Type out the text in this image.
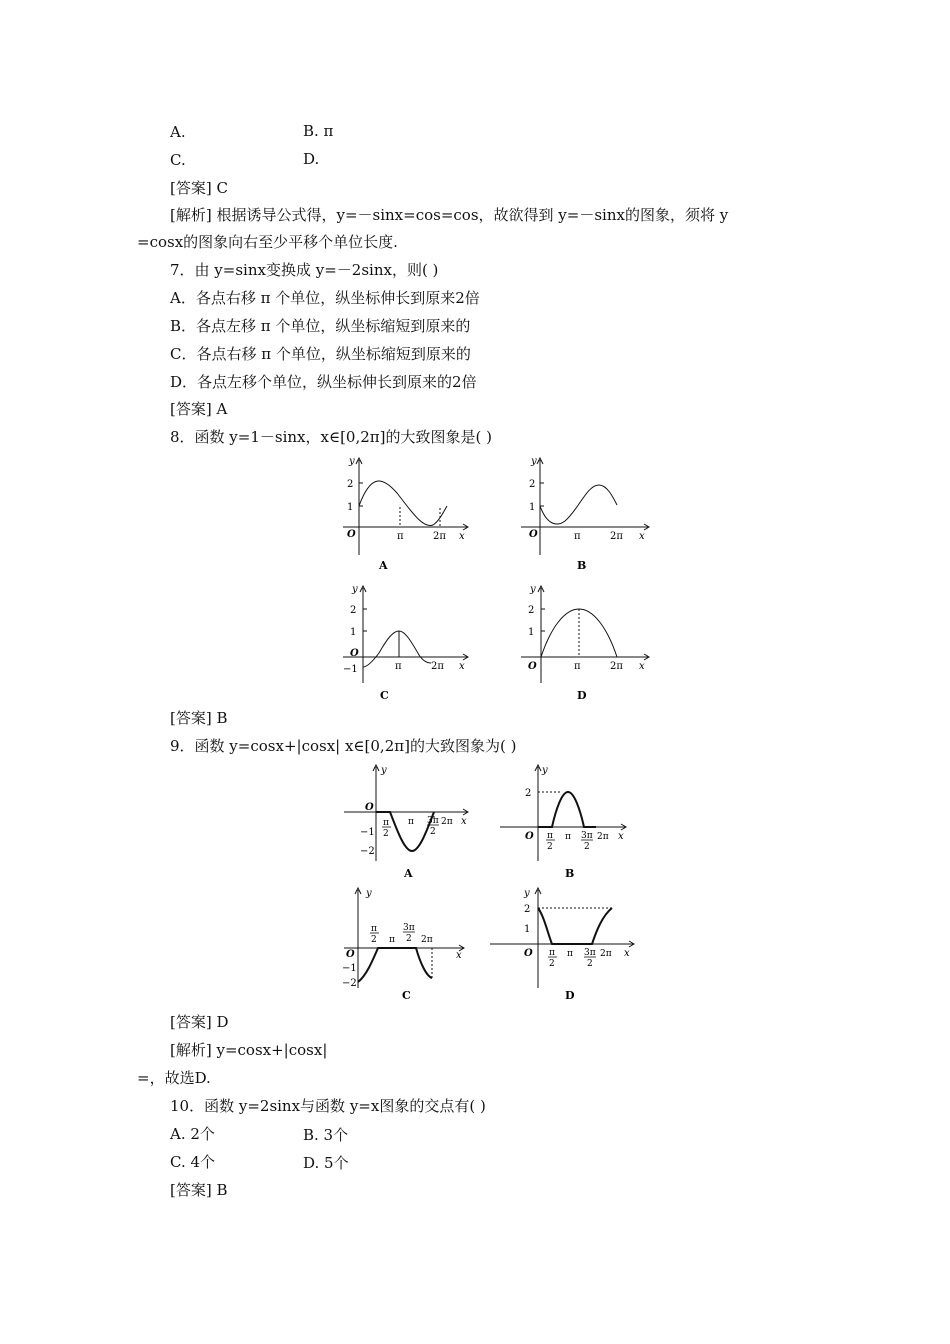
A.	B. π
C.	D.
[答案] C
[解析] 根据诱导公式得，y=－sinx=cos=cos，故欲得到 y=－sinx的图象，须将 y
=cosx的图象向右至少平移个单位长度.
7．由 y=sinx变换成 y=－2sinx，则( )
A．各点右移 π 个单位，纵坐标伸长到原来2倍
B．各点左移 π 个单位，纵坐标缩短到原来的
C．各点右移 π 个单位，纵坐标缩短到原来的
D．各点左移个单位，纵坐标伸长到原来的2倍
[答案] A
8．函数 y=1－sinx，x∈[0,2π]的大致图象是( )
y
2
1
O	π	2π x
A
y
2
1
O	π	2π x
B
y
2
1
O
−1	π	2π x
C
y
2
1
O	π	2π x
D
[答案] B
9．函数 y=cosx+|cosx| x∈[0,2π]的大致图象为( )
y
O
−1
−2
π
2
π 3π
2
2π x
A
y
2
O π
2
π 3π
2
2π x
B
y
O
−1
−2
π
2 π
3π
2 2π
x
C
y
2
1
O π
2
π 3π
2
2π x
D
[答案] D
[解析] y=cosx+|cosx|
=，故选D.
10．函数 y=2sinx与函数 y=x图象的交点有( )
A. 2个	B. 3个
C. 4个	D. 5个
[答案] B
